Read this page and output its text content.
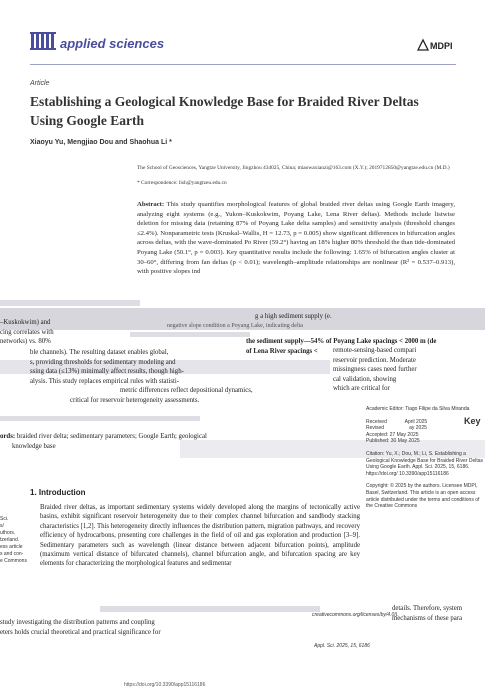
applied sciences	MDPI
Article
Establishing a Geological Knowledge Base for Braided River Deltas Using Google Earth
Xiaoyu Yu, Mengjiao Dou and Shaohua Li *
The School of Geosciences, Yangtze University, Jingzhou 434025, China; miaowaxianzi@163.com (X.Y.); 2019712850@yangtze.edu.cn (M.D.)
* Correspondence: lish@yangtzeu.edu.cn
Abstract: This study quantifies morphological features of global braided river deltas using Google Earth imagery, analyzing eight systems (e.g., Yukon–Kuskokwim, Poyang Lake, Lena River deltas). Methods include listwise deletion for missing data (retaining 87% of Poyang Lake delta samples) and sensitivity analysis (threshold changes ≤2.4%). Nonparametric tests (Kruskal–Wallis, H = 12.73, p = 0.005) show significant differences in bifurcation angles across deltas, with the wave-dominated Po River (59.2°) having an 18% higher 80% threshold the than tide-dominated Poyang Lake (50.1°, p = 0.003). Key quantitative results include the following: 1.65% of bifurcation angles cluster at 30–60°, differing from fan deltas (p < 0.01); wavelength–amplitude relationships are nonlinear (R² = 0.537–0.913), with positive slopes ind
g a high sediment supply (e.
negative slope condition a Poyang Lake, indicating delta
–Kuskokwim) and
cing correlates with
networks) vs. 80%	the sediment supply—54% of Poyang Lake spacings < 2000 m (de
of Lena River spacings <
ble channels). The resulting dataset enables global,
s, providing thresholds for sedimentary modeling and
ssing data (≤13%) minimally affect results, though high-
alysis. This study replaces empirical rules with statisti-
metric differences reflect depositional dynamics,
critical for reservoir heterogeneity assessments.
remote-sensing-based compari
reservoir prediction. Moderate
missingness cases need further
cal validation, showing
which are critical for
ords: braided river delta; sedimentary parameters; Google Earth; geological
knowledge base
Academic Editor: Tiago Filipe da Silva Miranda
Received	April 2025
Revised	ay 2025
Accepted: 27 May 2025
Published: 30 May 2025
Citation: Yu, X.; Dou, M.; Li, S. Establishing a Geological Knowledge Base for Braided River Deltas Using Google Earth. Appl. Sci. 2025, 15, 6186. https://doi.org/ 10.3390/app15116186
Copyright: © 2025 by the authors. Licensee MDPI, Basel, Switzerland. This article is an open access article distributed under the terms and conditions of the Creative Commons
Key
1. Introduction
Braided river deltas, as important sedimentary systems widely developed along the margins of tectonically active basins, exhibit significant reservoir heterogeneity due to their complex channel bifurcation and sandbody stacking characteristics [1,2]. This heterogeneity directly influences the distribution pattern, migration pathways, and recovery efficiency of hydrocarbons, presenting core challenges in the field of oil and gas exploration and production [3–9]. Sedimentary parameters such as wavelength (linear distance between adjacent bifurcation points), amplitude (maximum vertical distance of bifurcated channels), channel bifurcation angle, and bifurcation spacing are key elements for characterizing the morphological features and sedimentar
study investigating the distribution patterns and coupling
eters holds crucial theoretical and practical significance for
details. Therefore, system
mechanisms of these para
Sci.
s/
uthors.
tzerland.
ess article
s and con-
e Commons
creativecommons.org/licenses/by/4.0/).
Appl. Sci. 2025, 15, 6186
https://doi.org/10.3390/app15116186
